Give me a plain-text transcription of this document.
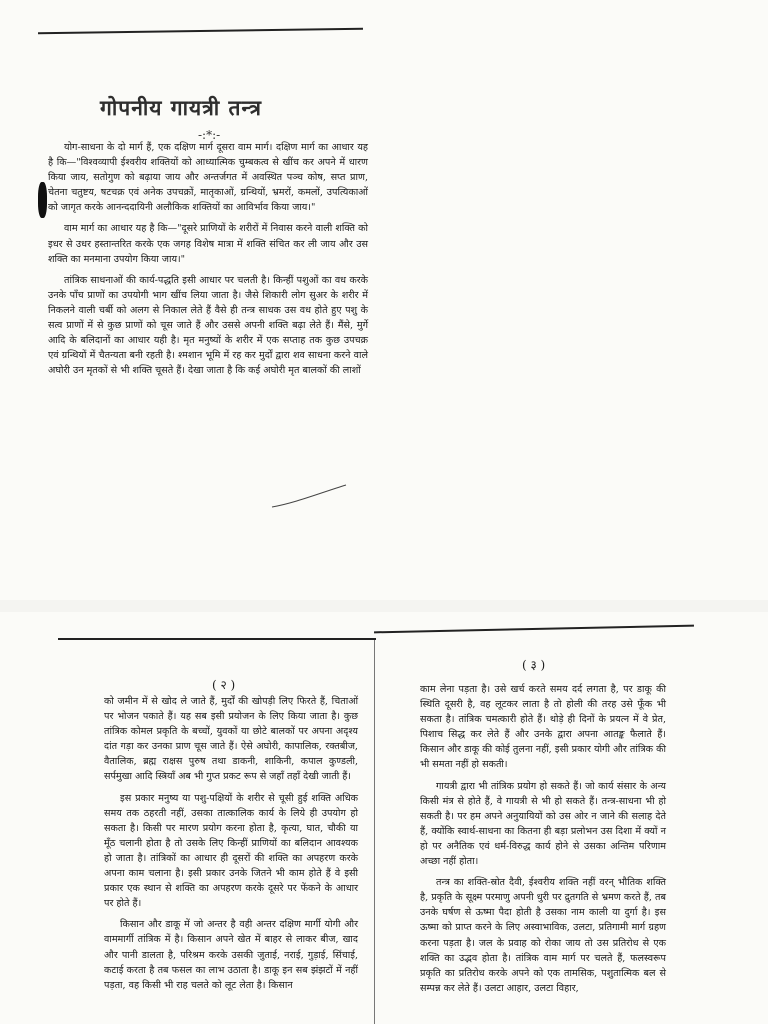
गोपनीय गायत्री तन्त्र
-:*:-

योग-साधना के दो मार्ग हैं, एक दक्षिण मार्ग दूसरा वाम मार्ग। दक्षिण मार्ग का आधार यह है कि—"विश्वव्यापी ईश्वरीय शक्तियों को आध्यात्मिक चुम्बकत्व से खींच कर अपने में धारण किया जाय, सतोगुण को बढ़ाया जाय और अन्तर्जगत में अवस्थित पञ्च कोष, सप्त प्राण, चेतना चतुष्टय, षटचक्र एवं अनेक उपचक्रों, मातृकाओं, ग्रन्थियों, भ्रमरों, कमलों, उपत्यिकाओं को जागृत करके आनन्ददायिनी अलौकिक शक्तियों का आविर्भाव किया जाय।"

वाम मार्ग का आधार यह है कि—"दूसरे प्राणियों के शरीरों में निवास करने वाली शक्ति को इधर से उधर हस्तान्तरित करके एक जगह विशेष मात्रा में शक्ति संचित कर ली जाय और उस शक्ति का मनमाना उपयोग किया जाय।"

तांत्रिक साधनाओं की कार्य-पद्धति इसी आधार पर चलती है। किन्हीं पशुओं का वध करके उनके पाँच प्राणों का उपयोगी भाग खींच लिया जाता है। जैसे शिकारी लोग सुअर के शरीर में निकलने वाली चर्बी को अलग से निकाल लेते हैं वैसे ही तन्त्र साधक उस वध होते हुए पशु के सत्व प्राणों में से कुछ प्राणों को चूस जाते हैं और उससे अपनी शक्ति बढ़ा लेते हैं। मैंसे, मुर्गे आदि के बलिदानों का आधार यही है। मृत मनुष्यों के शरीर में एक सप्ताह तक कुछ उपचक्र एवं ग्रन्थियों में चैतन्यता बनी रहती है। श्मशान भूमि में रह कर मुर्दों द्वारा शव साधना करने वाले अघोरी उन मृतकों से भी शक्ति चूसते हैं। देखा जाता है कि कई अघोरी मृत बालकों की लाशों

( २ )

को जमीन में से खोद ले जाते हैं, मुर्दों की खोपड़ी लिए फिरते हैं, चिताओं पर भोजन पकाते हैं। यह सब इसी प्रयोजन के लिए किया जाता है। कुछ तांत्रिक कोमल प्रकृति के बच्चों, युवकों या छोटे बालकों पर अपना अदृश्य दांत गड़ा कर उनका प्राण चूस जाते हैं। ऐसे अघोरी, कापालिक, रक्तबीज, वैतालिक, ब्रह्म राक्षस पुरुष तथा डाकनी, शाकिनी, कपाल कुण्डली, सर्पमुखा आदि स्त्रियाँ अब भी गुप्त प्रकट रूप से जहाँ तहाँ देखी जाती हैं।

इस प्रकार मनुष्य या पशु-पक्षियों के शरीर से चूसी हुई शक्ति अधिक समय तक ठहरती नहीं, उसका तात्कालिक कार्य के लिये ही उपयोग हो सकता है। किसी पर मारण प्रयोग करना होता है, कृत्या, घात, चौकी या मूँठ चलानी होता है तो उसके लिए किन्हीं प्राणियों का बलिदान आवश्यक हो जाता है। तांत्रिकों का आधार ही दूसरों की शक्ति का अपहरण करके अपना काम चलाना है। इसी प्रकार उनके जितने भी काम होते हैं वे इसी प्रकार एक स्थान से शक्ति का अपहरण करके दूसरे पर फेंकने के आधार पर होते हैं।

किसान और डाकू में जो अन्तर है वही अन्तर दक्षिण मार्गी योगी और वाममार्गी तांत्रिक में है। किसान अपने खेत में बाहर से लाकर बीज, खाद और पानी डालता है, परिश्रम करके उसकी जुताई, नराई, गुड़ाई, सिंचाई, कटाई करता है तब फसल का लाभ उठाता है। डाकू इन सब झंझटों में नहीं पड़ता, वह किसी भी राह चलते को लूट लेता है। किसान

( ३ )

काम लेना पड़ता है। उसे खर्च करते समय दर्द लगता है, पर डाकू की स्थिति दूसरी है, वह लूटकर लाता है तो होली की तरह उसे फूँक भी सकता है। तांत्रिक चमत्कारी होते हैं। थोड़े ही दिनों के प्रयत्न में वे प्रेत, पिशाच सिद्ध कर लेते हैं और उनके द्वारा अपना आतङ्क फैलाते हैं। किसान और डाकू की कोई तुलना नहीं, इसी प्रकार योगी और तांत्रिक की भी समता नहीं हो सकती।

गायत्री द्वारा भी तांत्रिक प्रयोग हो सकते हैं। जो कार्य संसार के अन्य किसी मंत्र से होते हैं, वे गायत्री से भी हो सकते हैं। तन्त्र-साधना भी हो सकती है। पर हम अपने अनुयायियों को उस ओर न जाने की सलाह देते हैं, क्योंकि स्वार्थ-साधना का कितना ही बड़ा प्रलोभन उस दिशा में क्यों न हो पर अनैतिक एवं धर्म-विरुद्ध कार्य होने से उसका अन्तिम परिणाम अच्छा नहीं होता।

तन्त्र का शक्ति-स्रोत दैवी, ईश्वरीय शक्ति नहीं वरन् भौतिक शक्ति है, प्रकृति के सूक्ष्म परमाणु अपनी धुरी पर द्रुतगति से भ्रमण करते हैं, तब उनके घर्षण से ऊष्मा पैदा होती है उसका नाम काली या दुर्गा है। इस ऊष्मा को प्राप्त करने के लिए अस्वाभाविक, उलटा, प्रतिगामी मार्ग ग्रहण करना पड़ता है। जल के प्रवाह को रोका जाय तो उस प्रतिरोध से एक शक्ति का उद्भव होता है। तांत्रिक वाम मार्ग पर चलते हैं, फलस्वरूप प्रकृति का प्रतिरोध करके अपने को एक तामसिक, पशुतात्मिक बल से सम्पन्न कर लेते हैं। उलटा आहार, उलटा विहार,
